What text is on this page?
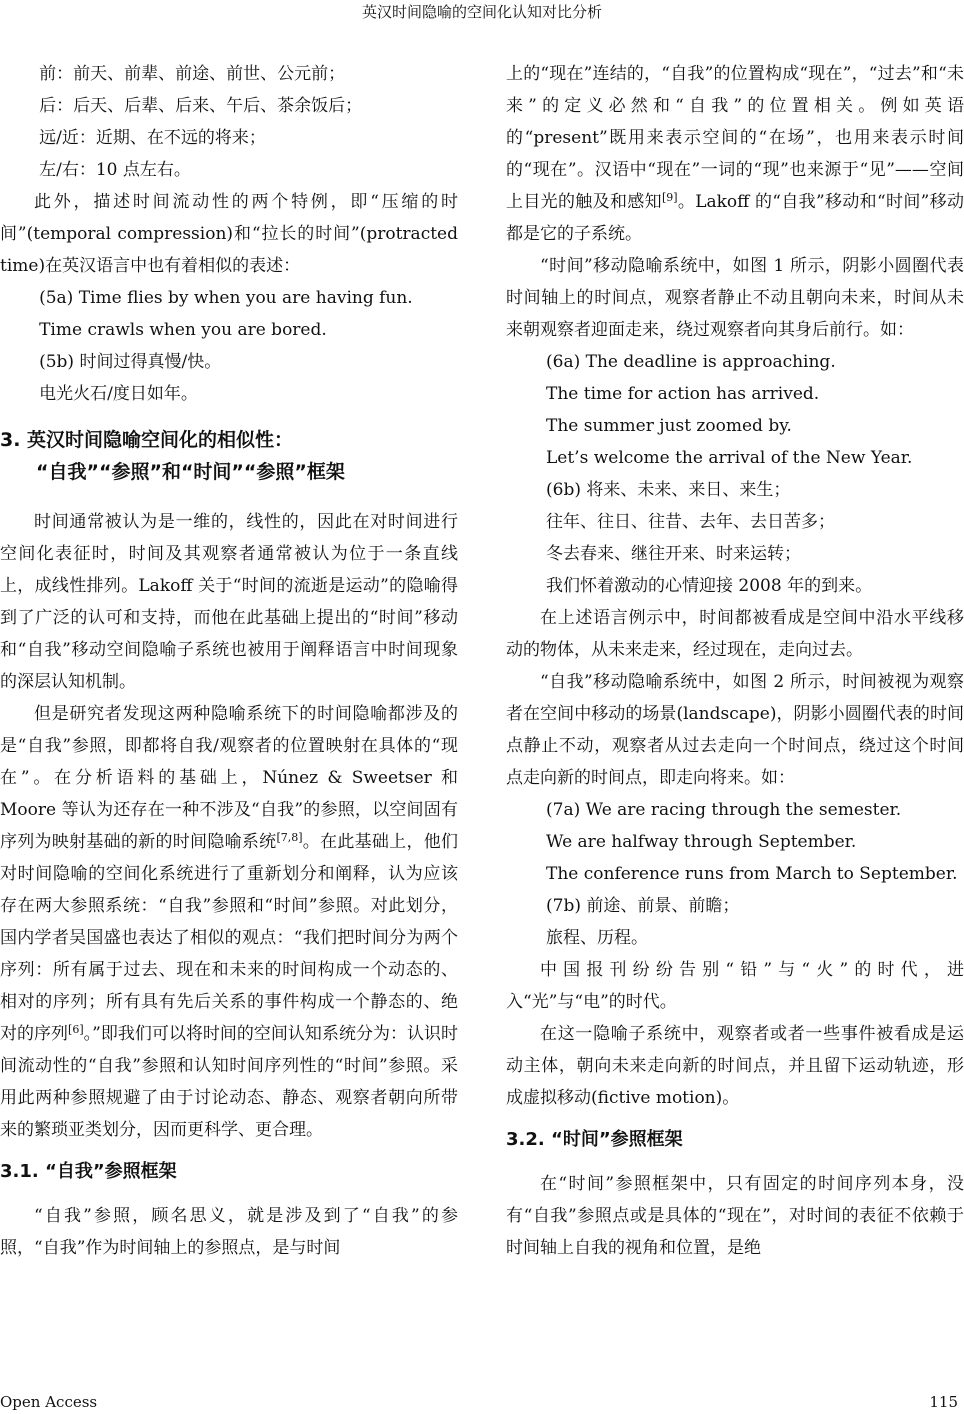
英汉时间隐喻的空间化认知对比分析

前：前天、前辈、前途、前世、公元前；

后：后天、后辈、后来、午后、茶余饭后；

远/近：近期、在不远的将来；

左/右：10 点左右。

此外，描述时间流动性的两个特例，即“压缩的时间”(temporal compression)和“拉长的时间”(protracted time)在英汉语言中也有着相似的表述：

(5a) Time flies by when you are having fun.

Time crawls when you are bored.

(5b) 时间过得真慢/快。

电光火石/度日如年。

3. 英汉时间隐喻空间化的相似性：
“自我”“参照”和“时间”“参照”框架

时间通常被认为是一维的，线性的，因此在对时间进行空间化表征时，时间及其观察者通常被认为位于一条直线上，成线性排列。Lakoff 关于“时间的流逝是运动”的隐喻得到了广泛的认可和支持，而他在此基础上提出的“时间”移动和“自我”移动空间隐喻子系统也被用于阐释语言中时间现象的深层认知机制。

但是研究者发现这两种隐喻系统下的时间隐喻都涉及的是“自我”参照，即都将自我/观察者的位置映射在具体的“现在”。在分析语料的基础上，Núnez & Sweetser 和 Moore 等认为还存在一种不涉及“自我”的参照，以空间固有序列为映射基础的新的时间隐喻系统[7,8]。在此基础上，他们对时间隐喻的空间化系统进行了重新划分和阐释，认为应该存在两大参照系统：“自我”参照和“时间”参照。对此划分，国内学者吴国盛也表达了相似的观点：“我们把时间分为两个序列：所有属于过去、现在和未来的时间构成一个动态的、相对的序列；所有具有先后关系的事件构成一个静态的、绝对的序列[6]。”即我们可以将时间的空间认知系统分为：认识时间流动性的“自我”参照和认知时间序列性的“时间”参照。采用此两种参照规避了由于讨论动态、静态、观察者朝向所带来的繁琐亚类划分，因而更科学、更合理。

3.1. “自我”参照框架

“自我”参照，顾名思义，就是涉及到了“自我”的参照，“自我”作为时间轴上的参照点，是与时间

上的“现在”连结的，“自我”的位置构成“现在”，“过去”和“未来”的定义必然和“自我”的位置相关。例如英语的“present”既用来表示空间的“在场”，也用来表示时间的“现在”。汉语中“现在”一词的“现”也来源于“见”——空间上目光的触及和感知[9]。Lakoff 的“自我”移动和“时间”移动都是它的子系统。

“时间”移动隐喻系统中，如图 1 所示，阴影小圆圈代表时间轴上的时间点，观察者静止不动且朝向未来，时间从未来朝观察者迎面走来，绕过观察者向其身后前行。如：

(6a) The deadline is approaching.

The time for action has arrived.

The summer just zoomed by.

Let’s welcome the arrival of the New Year.

(6b) 将来、未来、来日、来生；

往年、往日、往昔、去年、去日苦多；

冬去春来、继往开来、时来运转；

我们怀着激动的心情迎接 2008 年的到来。

在上述语言例示中，时间都被看成是空间中沿水平线移动的物体，从未来走来，经过现在，走向过去。

“自我”移动隐喻系统中，如图 2 所示，时间被视为观察者在空间中移动的场景(landscape)，阴影小圆圈代表的时间点静止不动，观察者从过去走向一个时间点，绕过这个时间点走向新的时间点，即走向将来。如：

(7a) We are racing through the semester.

We are halfway through September.

The conference runs from March to September.

(7b) 前途、前景、前瞻；

旅程、历程。

中国报刊纷纷告别“铅”与“火”的时代，进入“光”与“电”的时代。

在这一隐喻子系统中，观察者或者一些事件被看成是运动主体，朝向未来走向新的时间点，并且留下运动轨迹，形成虚拟移动(fictive motion)。

3.2. “时间”参照框架

在“时间”参照框架中，只有固定的时间序列本身，没有“自我”参照点或是具体的“现在”，对时间的表征不依赖于时间轴上自我的视角和位置，是绝

Open Access	115
